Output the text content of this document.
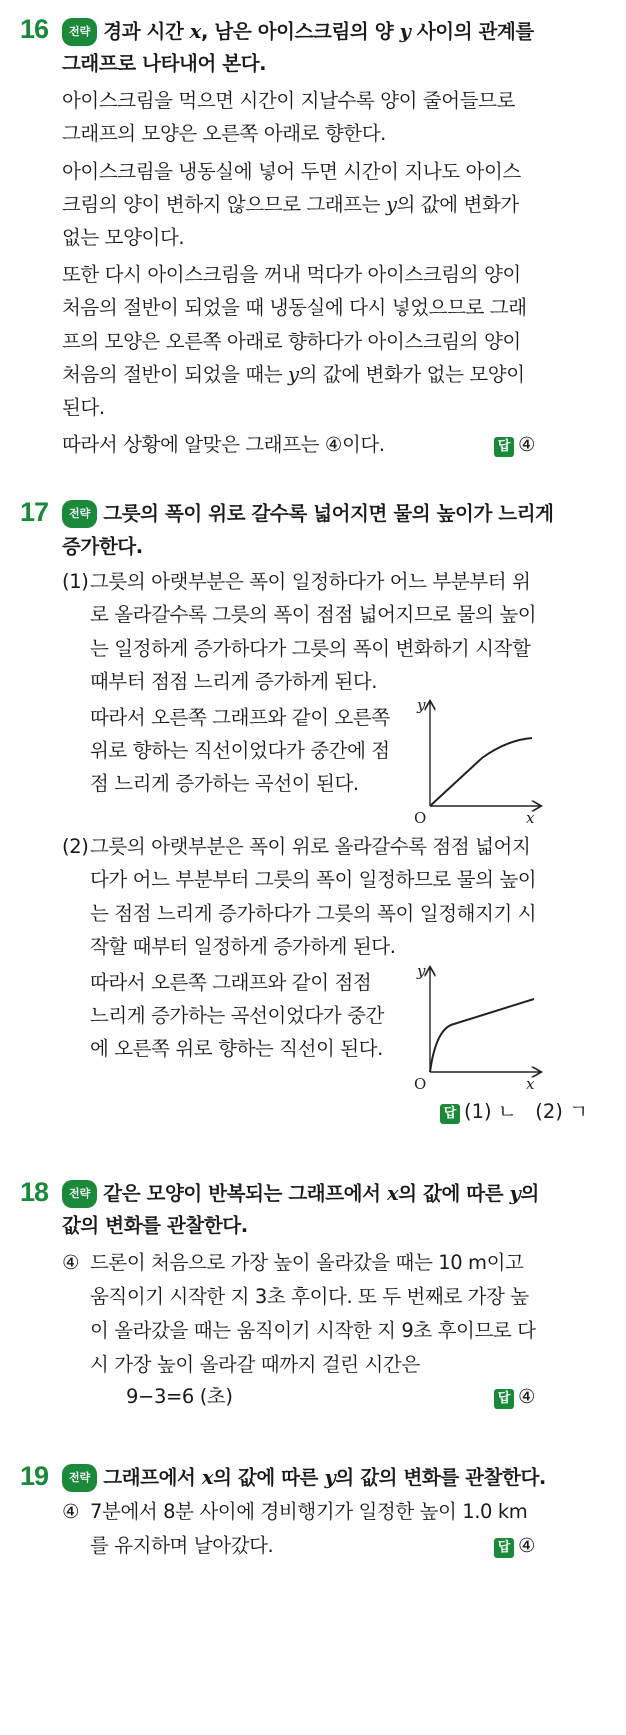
16	전략 경과 시간 x, 남은 아이스크림의 양 y 사이의 관계를
그래프로 나타내어 본다.
아이스크림을 먹으면 시간이 지날수록 양이 줄어들므로
그래프의 모양은 오른쪽 아래로 향한다.
아이스크림을 냉동실에 넣어 두면 시간이 지나도 아이스
크림의 양이 변하지 않으므로 그래프는 y의 값에 변화가
없는 모양이다.
또한 다시 아이스크림을 꺼내 먹다가 아이스크림의 양이
처음의 절반이 되었을 때 냉동실에 다시 넣었으므로 그래
프의 모양은 오른쪽 아래로 향하다가 아이스크림의 양이
처음의 절반이 되었을 때는 y의 값에 변화가 없는 모양이
된다.
따라서 상황에 알맞은 그래프는 ④이다.	답 ④
17	전략 그릇의 폭이 위로 갈수록 넓어지면 물의 높이가 느리게
증가한다.
(1) 그릇의 아랫부분은 폭이 일정하다가 어느 부분부터 위
로 올라갈수록 그릇의 폭이 점점 넓어지므로 물의 높이
는 일정하게 증가하다가 그릇의 폭이 변화하기 시작할
때부터 점점 느리게 증가하게 된다.
따라서 오른쪽 그래프와 같이 오른쪽
위로 향하는 직선이었다가 중간에 점
점 느리게 증가하는 곡선이 된다.
y
x
O
(2) 그릇의 아랫부분은 폭이 위로 올라갈수록 점점 넓어지
다가 어느 부분부터 그릇의 폭이 일정하므로 물의 높이
는 점점 느리게 증가하다가 그릇의 폭이 일정해지기 시
작할 때부터 일정하게 증가하게 된다.
따라서 오른쪽 그래프와 같이 점점
느리게 증가하는 곡선이었다가 중간
에 오른쪽 위로 향하는 직선이 된다.
y
x
O
답 (1) ㄴ   (2) ㄱ
18	전략 같은 모양이 반복되는 그래프에서 x의 값에 따른 y의
값의 변화를 관찰한다.
④ 드론이 처음으로 가장 높이 올라갔을 때는 10 m이고
움직이기 시작한 지 3초 후이다. 또 두 번째로 가장 높
이 올라갔을 때는 움직이기 시작한 지 9초 후이므로 다
시 가장 높이 올라갈 때까지 걸린 시간은
9−3=6 (초)	답 ④
19	전략 그래프에서 x의 값에 따른 y의 값의 변화를 관찰한다.
④ 7분에서 8분 사이에 경비행기가 일정한 높이 1.0 km
를 유지하며 날아갔다.	답 ④
